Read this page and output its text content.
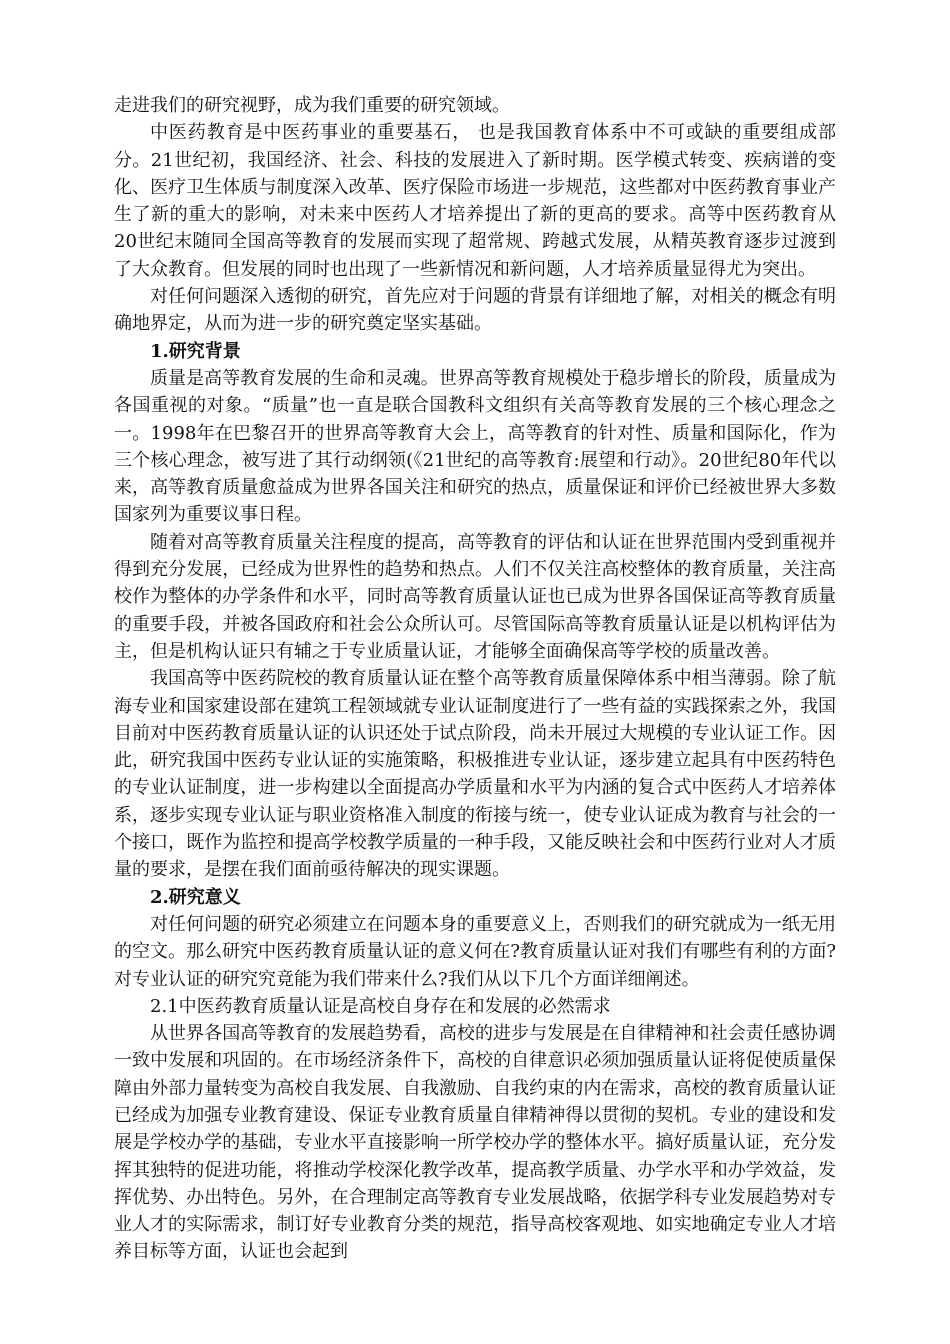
走进我们的研究视野，成为我们重要的研究领域。

中医药教育是中医药事业的重要基石， 也是我国教育体系中不可或缺的重要组成部分。21世纪初，我国经济、社会、科技的发展进入了新时期。医学模式转变、疾病谱的变化、医疗卫生体质与制度深入改革、医疗保险市场进一步规范，这些都对中医药教育事业产生了新的重大的影响，对未来中医药人才培养提出了新的更高的要求。高等中医药教育从20世纪末随同全国高等教育的发展而实现了超常规、跨越式发展，从精英教育逐步过渡到了大众教育。但发展的同时也出现了一些新情况和新问题，人才培养质量显得尤为突出。

对任何问题深入透彻的研究，首先应对于问题的背景有详细地了解，对相关的概念有明确地界定，从而为进一步的研究奠定坚实基础。

1.研究背景

质量是高等教育发展的生命和灵魂。世界高等教育规模处于稳步增长的阶段，质量成为各国重视的对象。“质量”也一直是联合国教科文组织有关高等教育发展的三个核心理念之一。1998年在巴黎召开的世界高等教育大会上，高等教育的针对性、质量和国际化，作为三个核心理念，被写进了其行动纲领(《21世纪的高等教育:展望和行动》。20世纪80年代以来，高等教育质量愈益成为世界各国关注和研究的热点，质量保证和评价已经被世界大多数国家列为重要议事日程。

随着对高等教育质量关注程度的提高，高等教育的评估和认证在世界范围内受到重视并得到充分发展，已经成为世界性的趋势和热点。人们不仅关注高校整体的教育质量，关注高校作为整体的办学条件和水平，同时高等教育质量认证也已成为世界各国保证高等教育质量的重要手段，并被各国政府和社会公众所认可。尽管国际高等教育质量认证是以机构评估为主，但是机构认证只有辅之于专业质量认证，才能够全面确保高等学校的质量改善。

我国高等中医药院校的教育质量认证在整个高等教育质量保障体系中相当薄弱。除了航海专业和国家建设部在建筑工程领域就专业认证制度进行了一些有益的实践探索之外，我国目前对中医药教育质量认证的认识还处于试点阶段，尚未开展过大规模的专业认证工作。因此，研究我国中医药专业认证的实施策略，积极推进专业认证，逐步建立起具有中医药特色的专业认证制度，进一步构建以全面提高办学质量和水平为内涵的复合式中医药人才培养体系，逐步实现专业认证与职业资格准入制度的衔接与统一，使专业认证成为教育与社会的一个接口，既作为监控和提高学校教学质量的一种手段，又能反映社会和中医药行业对人才质量的要求，是摆在我们面前亟待解决的现实课题。

2.研究意义

对任何问题的研究必须建立在问题本身的重要意义上，否则我们的研究就成为一纸无用的空文。那么研究中医药教育质量认证的意义何在?教育质量认证对我们有哪些有利的方面?对专业认证的研究究竟能为我们带来什么?我们从以下几个方面详细阐述。

2.1中医药教育质量认证是高校自身存在和发展的必然需求

从世界各国高等教育的发展趋势看，高校的进步与发展是在自律精神和社会责任感协调一致中发展和巩固的。在市场经济条件下，高校的自律意识必须加强质量认证将促使质量保障由外部力量转变为高校自我发展、自我激励、自我约束的内在需求，高校的教育质量认证已经成为加强专业教育建设、保证专业教育质量自律精神得以贯彻的契机。专业的建设和发展是学校办学的基础，专业水平直接影响一所学校办学的整体水平。搞好质量认证，充分发挥其独特的促进功能，将推动学校深化教学改革，提高教学质量、办学水平和办学效益，发挥优势、办出特色。另外，在合理制定高等教育专业发展战略，依据学科专业发展趋势对专业人才的实际需求，制订好专业教育分类的规范，指导高校客观地、如实地确定专业人才培养目标等方面，认证也会起到
